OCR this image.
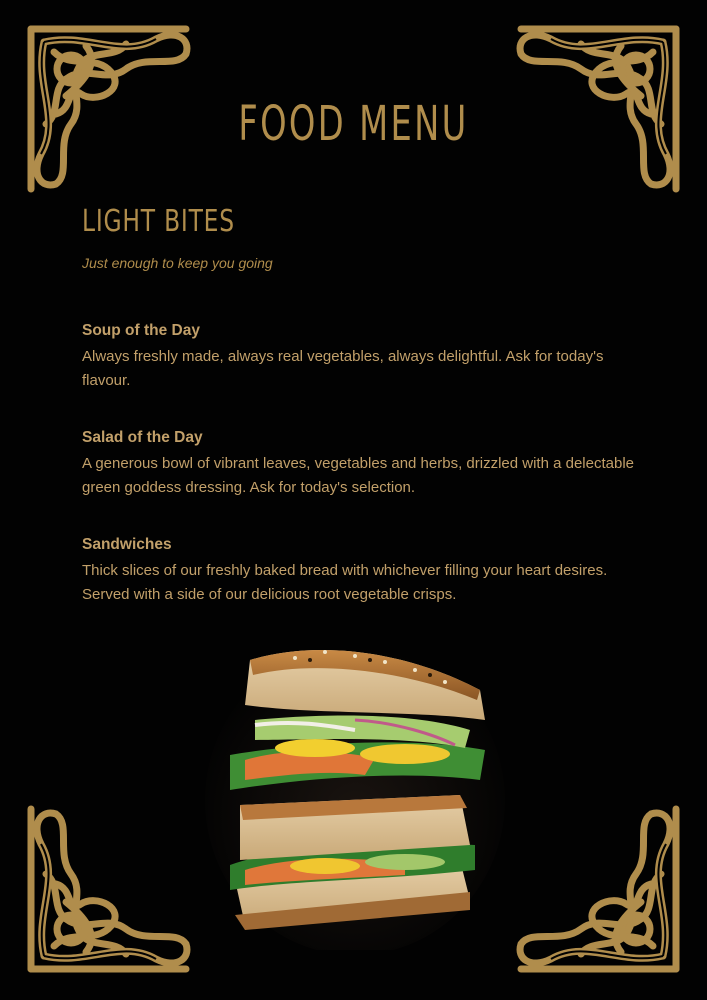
FOOD MENU
LIGHT BITES

Just enough to keep you going

Soup of the Day

Always freshly made, always real vegetables, always delightful. Ask for today's flavour.

Salad of the Day

A generous bowl of vibrant leaves, vegetables and herbs, drizzled with a delectable green goddess dressing. Ask for today's selection.

Sandwiches

Thick slices of our freshly baked bread with whichever filling your heart desires. Served with a side of our delicious root vegetable crisps.
